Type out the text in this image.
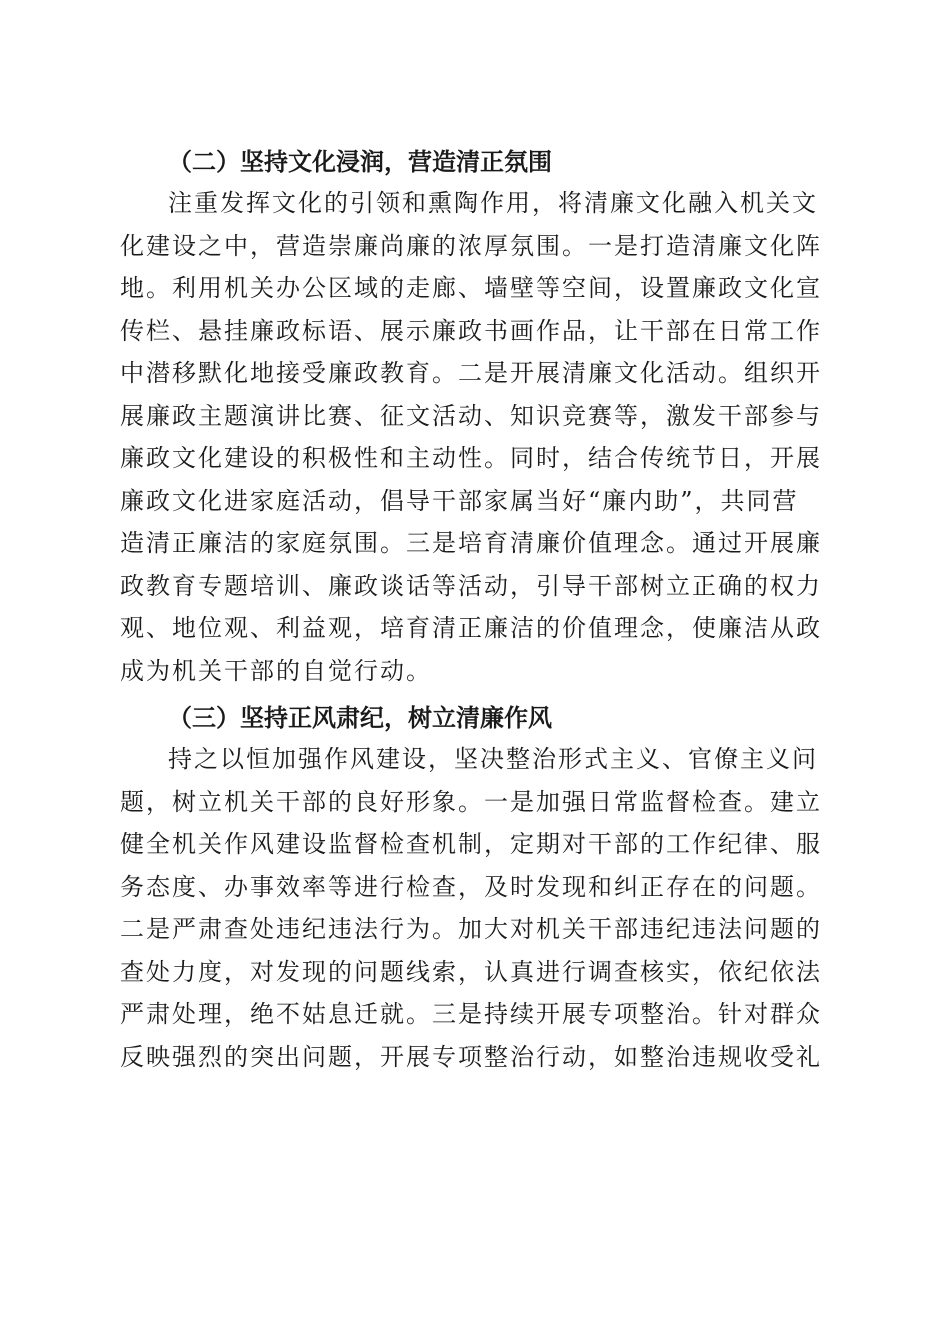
（二）坚持文化浸润，营造清正氛围
注重发挥文化的引领和熏陶作用，将清廉文化融入机关文
化建设之中，营造崇廉尚廉的浓厚氛围。一是打造清廉文化阵
地。利用机关办公区域的走廊、墙壁等空间，设置廉政文化宣
传栏、悬挂廉政标语、展示廉政书画作品，让干部在日常工作
中潜移默化地接受廉政教育。二是开展清廉文化活动。组织开
展廉政主题演讲比赛、征文活动、知识竞赛等，激发干部参与
廉政文化建设的积极性和主动性。同时，结合传统节日，开展
廉政文化进家庭活动，倡导干部家属当好“廉内助”，共同营
造清正廉洁的家庭氛围。三是培育清廉价值理念。通过开展廉
政教育专题培训、廉政谈话等活动，引导干部树立正确的权力
观、地位观、利益观，培育清正廉洁的价值理念，使廉洁从政
成为机关干部的自觉行动。
（三）坚持正风肃纪，树立清廉作风
持之以恒加强作风建设，坚决整治形式主义、官僚主义问
题，树立机关干部的良好形象。一是加强日常监督检查。建立
健全机关作风建设监督检查机制，定期对干部的工作纪律、服
务态度、办事效率等进行检查，及时发现和纠正存在的问题。
二是严肃查处违纪违法行为。加大对机关干部违纪违法问题的
查处力度，对发现的问题线索，认真进行调查核实，依纪依法
严肃处理，绝不姑息迁就。三是持续开展专项整治。针对群众
反映强烈的突出问题，开展专项整治行动，如整治违规收受礼
